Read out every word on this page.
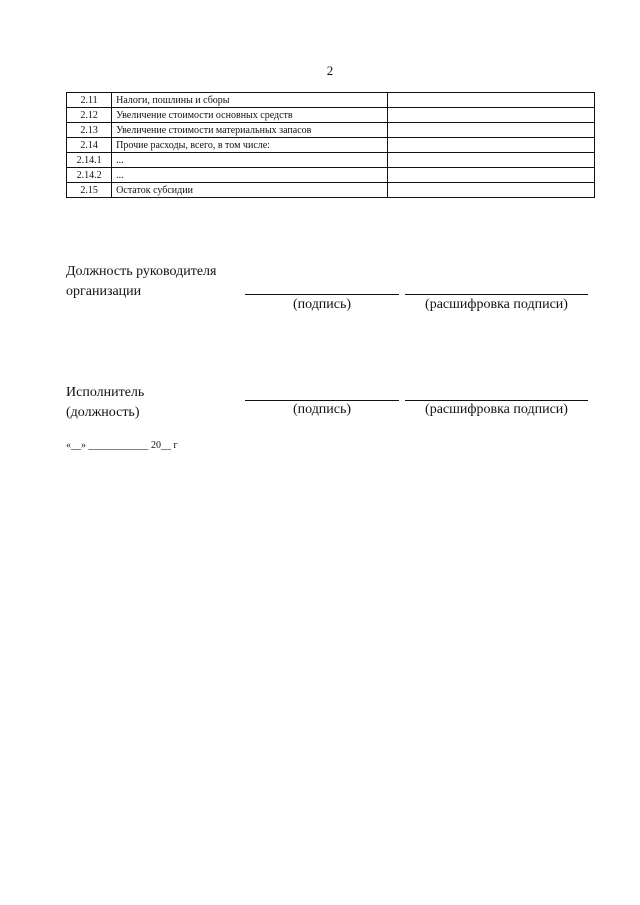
2
2.11	Налоги, пошлины и сборы	
2.12	Увеличение стоимости основных средств	
2.13	Увеличение стоимости материальных запасов	
2.14	Прочие расходы, всего, в том числе:	
2.14.1	...	
2.14.2	...	
2.15	Остаток субсидии	
Должность руководителя
организации
(подпись)	(расшифровка подписи)
Исполнитель
(должность)	(подпись)	(расшифровка подписи)
«__» ____________ 20__ г
